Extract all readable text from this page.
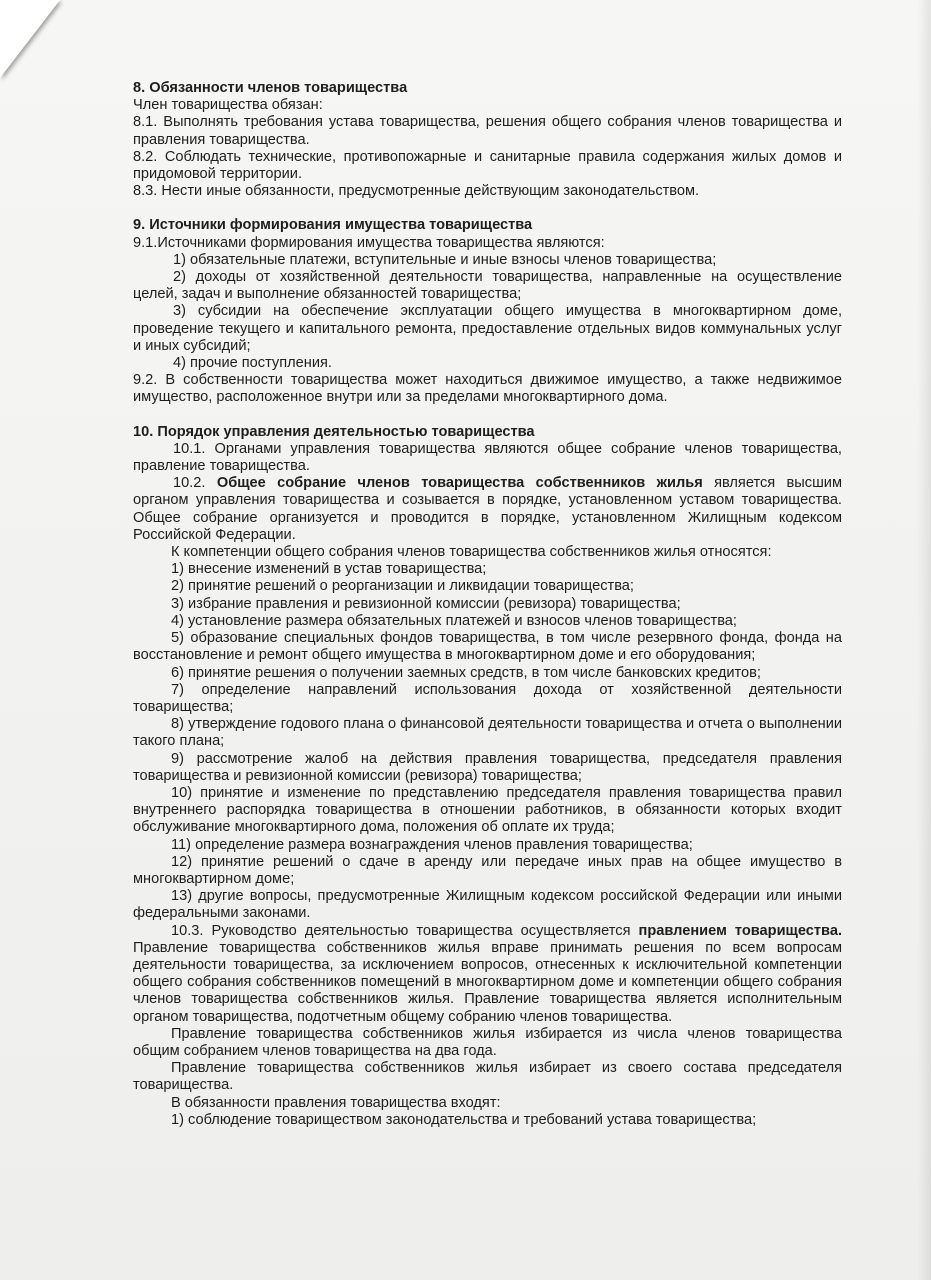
8. Обязанности членов товарищества

Член товарищества обязан:

8.1. Выполнять требования устава товарищества, решения общего собрания членов товарищества и правления товарищества.

8.2. Соблюдать технические, противопожарные и санитарные правила содержания жилых домов и придомовой территории.

8.3. Нести иные обязанности, предусмотренные действующим законодательством.

9. Источники формирования имущества товарищества

9.1.Источниками формирования имущества товарищества являются:

1) обязательные платежи, вступительные и иные взносы членов товарищества;

2) доходы от хозяйственной деятельности товарищества, направленные на осуществление целей, задач и выполнение обязанностей товарищества;

3) субсидии на обеспечение эксплуатации общего имущества в многоквартирном доме, проведение текущего и капитального ремонта, предоставление отдельных видов коммунальных услуг и иных субсидий;

4) прочие поступления.

9.2. В собственности товарищества может находиться движимое имущество, а также недвижимое имущество, расположенное внутри или за пределами многоквартирного дома.

10. Порядок управления деятельностью товарищества

10.1. Органами управления товарищества являются общее собрание членов товарищества, правление товарищества.

10.2. Общее собрание членов товарищества собственников жилья является высшим органом управления товарищества и созывается в порядке, установленном уставом товарищества. Общее собрание организуется и проводится в порядке, установленном Жилищным кодексом Российской Федерации.

К компетенции общего собрания членов товарищества собственников жилья относятся:

1) внесение изменений в устав товарищества;

2) принятие решений о реорганизации и ликвидации товарищества;

3) избрание правления и ревизионной комиссии (ревизора) товарищества;

4) установление размера обязательных платежей и взносов членов товарищества;

5) образование специальных фондов товарищества, в том числе резервного фонда, фонда на восстановление и ремонт общего имущества в многоквартирном доме и его оборудования;

6) принятие решения о получении заемных средств, в том числе банковских кредитов;

7) определение направлений использования дохода от хозяйственной деятельности товарищества;

8) утверждение годового плана о финансовой деятельности товарищества и отчета о выполнении такого плана;

9) рассмотрение жалоб на действия правления товарищества, председателя правления товарищества и ревизионной комиссии (ревизора) товарищества;

10) принятие и изменение по представлению председателя правления товарищества правил внутреннего распорядка товарищества в отношении работников, в обязанности которых входит обслуживание многоквартирного дома, положения об оплате их труда;

11) определение размера вознаграждения членов правления товарищества;

12) принятие решений о сдаче в аренду или передаче иных прав на общее имущество в многоквартирном доме;

13) другие вопросы, предусмотренные Жилищным кодексом российской Федерации или иными федеральными законами.

10.3. Руководство деятельностью товарищества осуществляется правлением товарищества. Правление товарищества собственников жилья вправе принимать решения по всем вопросам деятельности товарищества, за исключением вопросов, отнесенных к исключительной компетенции общего собрания собственников помещений в многоквартирном доме и компетенции общего собрания членов товарищества собственников жилья. Правление товарищества является исполнительным органом товарищества, подотчетным общему собранию членов товарищества.

Правление товарищества собственников жилья избирается из числа членов товарищества общим собранием членов товарищества на два года.

Правление товарищества собственников жилья избирает из своего состава председателя товарищества.

В обязанности правления товарищества входят:

1) соблюдение товариществом законодательства и требований устава товарищества;
